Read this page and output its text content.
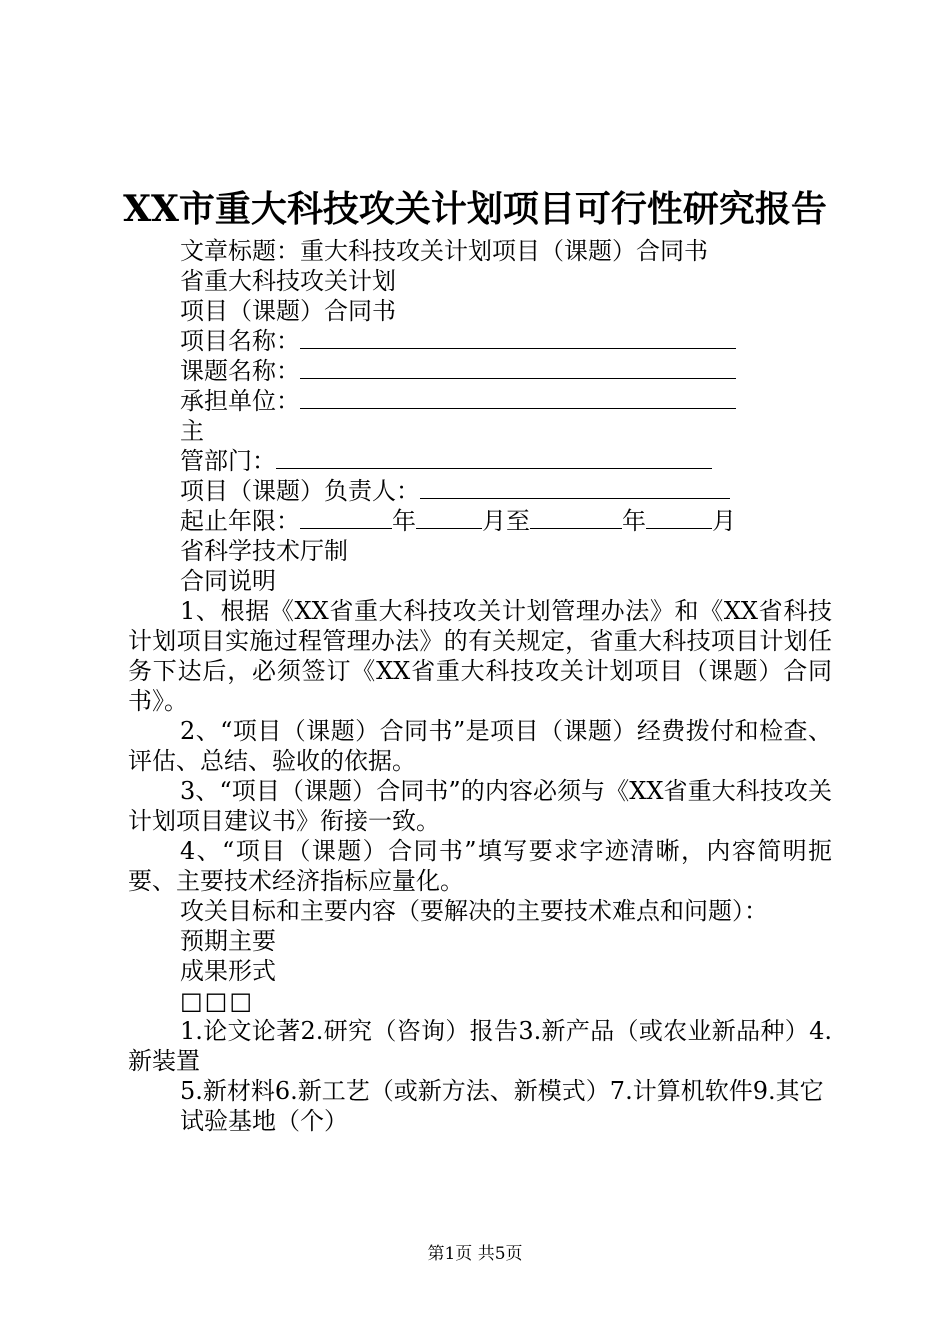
XX市重大科技攻关计划项目可行性研究报告
文章标题：重大科技攻关计划项目（课题）合同书
省重大科技攻关计划
项目（课题）合同书
项目名称：
课题名称：
承担单位：
主
管部门：
项目（课题）负责人：
起止年限：	年	月至	年	月
省科学技术厅制
合同说明

1、根据《XX省重大科技攻关计划管理办法》和《XX省科技计划项目实施过程管理办法》的有关规定，省重大科技项目计划任务下达后，必须签订《XX省重大科技攻关计划项目（课题）合同书》。

2、“项目（课题）合同书”是项目（课题）经费拨付和检查、评估、总结、验收的依据。

3、“项目（课题）合同书”的内容必须与《XX省重大科技攻关计划项目建议书》衔接一致。

4、“项目（课题）合同书”填写要求字迹清晰，内容简明扼要、主要技术经济指标应量化。

攻关目标和主要内容（要解决的主要技术难点和问题）：
预期主要
成果形式
□□□

1.论文论著2.研究（咨询）报告3.新产品（或农业新品种）4.新装置

5.新材料6.新工艺（或新方法、新模式）7.计算机软件9.其它

试验基地（个）
第1页 共5页
